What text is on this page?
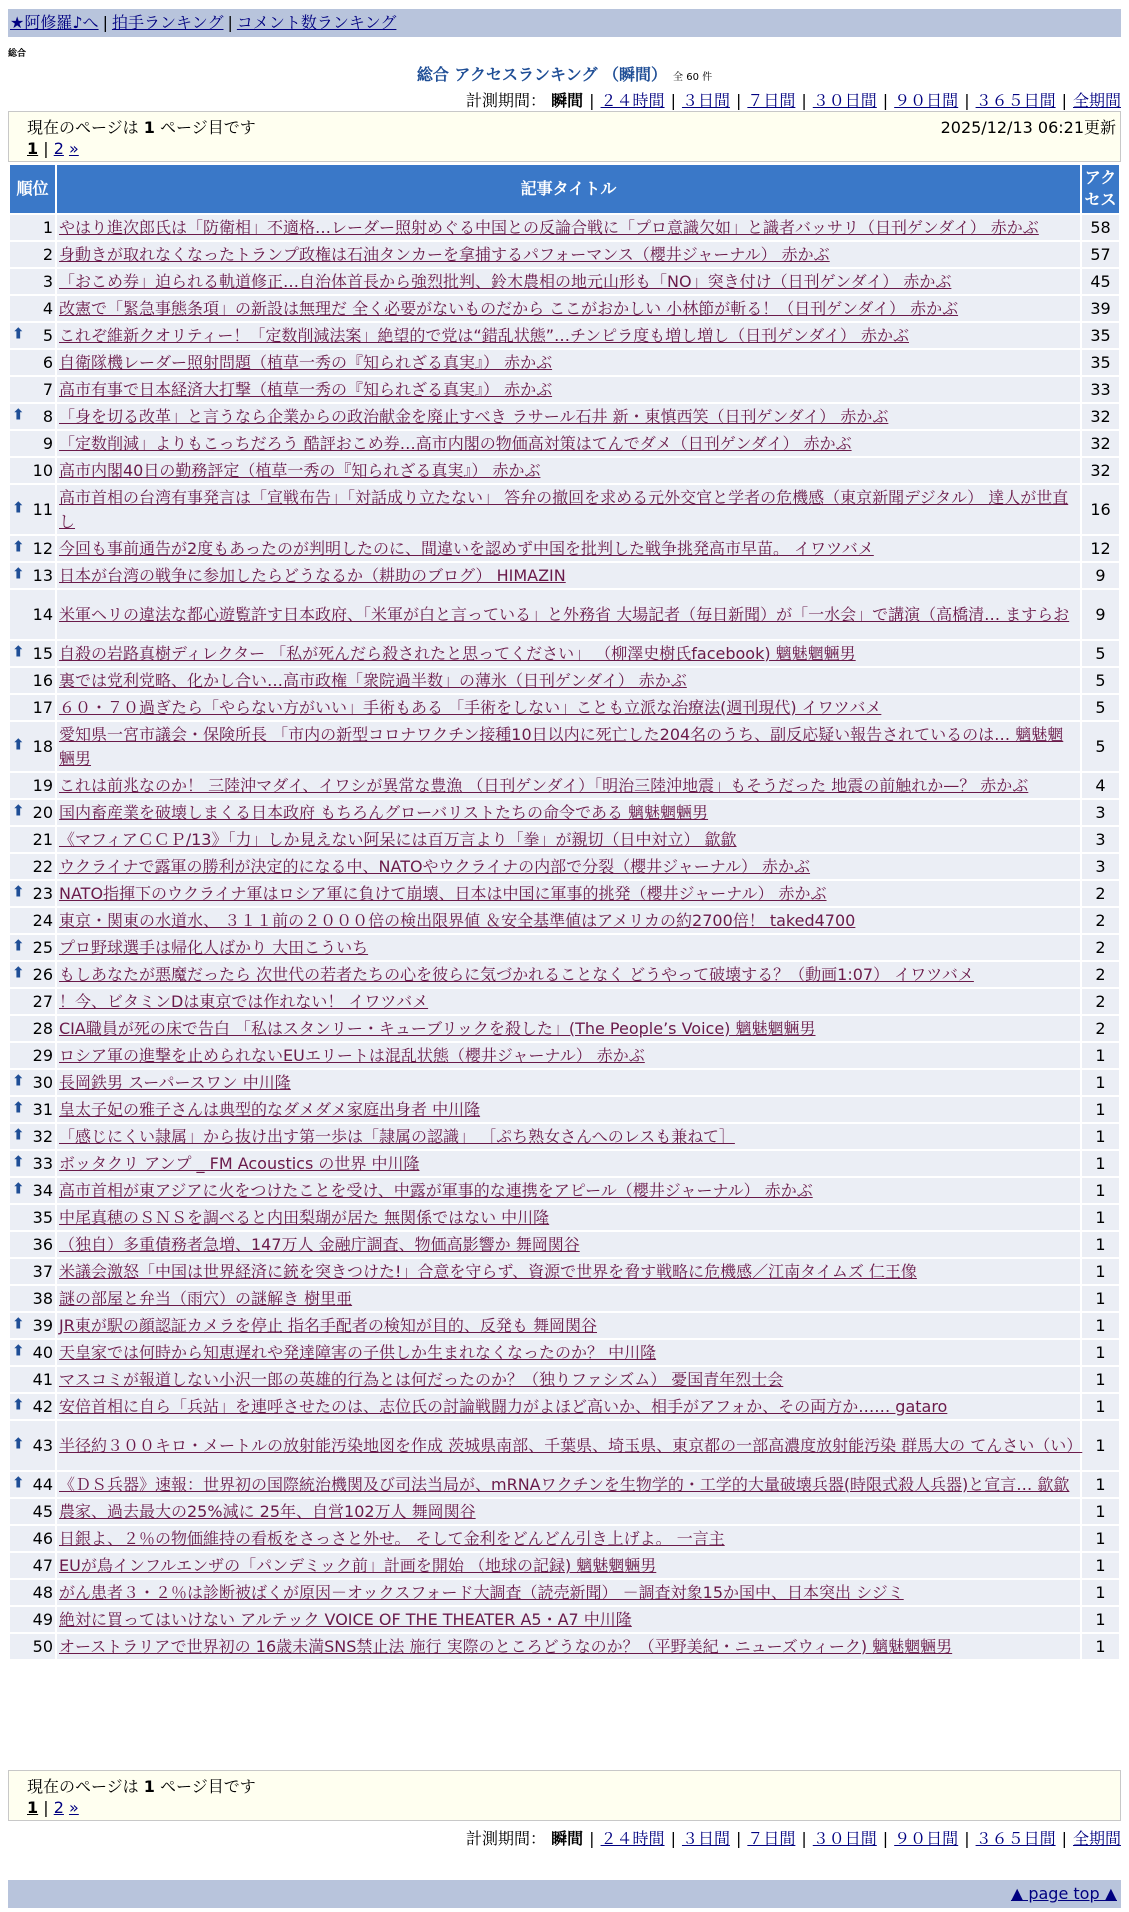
★阿修羅♪へ | 拍手ランキング | コメント数ランキング
総合
総合 アクセスランキング （瞬間） 全 60 件
計測期間： 瞬間 | ２４時間 | ３日間 | ７日間 | ３０日間 | ９０日間 | ３６５日間 | 全期間
現在のページは 1 ページ目です	2025/12/13 06:21更新
1 | 2 »
順位	記事タイトル	アクセス
1	やはり進次郎氏は「防衛相」不適格…レーダー照射めぐる中国との反論合戦に「プロ意識欠如」と識者バッサリ（日刊ゲンダイ） 赤かぶ	58
2	身動きが取れなくなったトランプ政権は石油タンカーを拿捕するパフォーマンス（櫻井ジャーナル） 赤かぶ	57
3	「おこめ券」迫られる軌道修正…自治体首長から強烈批判、鈴木農相の地元山形も「NO」突き付け（日刊ゲンダイ） 赤かぶ	45
4	改憲で「緊急事態条項」の新設は無理だ 全く必要がないものだから ここがおかしい 小林節が斬る！（日刊ゲンダイ） 赤かぶ	39

⬆ 5	これぞ維新クオリティー！「定数削減法案」絶望的で党は“錯乱状態”…チンピラ度も増し増し（日刊ゲンダイ） 赤かぶ	35
6	自衛隊機レーダー照射問題（植草一秀の『知られざる真実』） 赤かぶ	35
7	高市有事で日本経済大打撃（植草一秀の『知られざる真実』） 赤かぶ	33

⬆ 8	「身を切る改革」と言うなら企業からの政治献金を廃止すべき ラサール石井 新・東慎西笑（日刊ゲンダイ） 赤かぶ	32
9	「定数削減」よりもこっちだろう 酷評おこめ券…高市内閣の物価高対策はてんでダメ（日刊ゲンダイ） 赤かぶ	32
10	高市内閣40日の勤務評定（植草一秀の『知られざる真実』） 赤かぶ	32

⬆ 11	高市首相の台湾有事発言は「宣戦布告」「対話成り立たない」 答弁の撤回を求める元外交官と学者の危機感（東京新聞デジタル） 達人が世直し	16

⬆ 12	今回も事前通告が2度もあったのが判明したのに、間違いを認めず中国を批判した戦争挑発高市早苗。 イワツバメ	12

⬆ 13	日本が台湾の戦争に参加したらどうなるか（耕助のブログ） HIMAZIN	9
14	米軍ヘリの違法な都心遊覧許す日本政府、「米軍が白と言っている」と外務省 大場記者（毎日新聞）が「一水会」で講演（高橋清… ますらお	9

⬆ 15	自殺の岩路真樹ディレクター 「私が死んだら殺されたと思ってください」 （柳澤史樹氏facebook) 魑魅魍魎男	5
16	裏では党利党略、化かし合い…高市政権「衆院過半数」の薄氷（日刊ゲンダイ） 赤かぶ	5
17	６０・７０過ぎたら「やらない方がいい」手術もある 「手術をしない」ことも立派な治療法(週刊現代) イワツバメ	5

⬆ 18	愛知県一宮市議会・保険所長 「市内の新型コロナワクチン接種10日以内に死亡した204名のうち、副反応疑い報告されているのは… 魑魅魍魎男	5
19	これは前兆なのか！ 三陸沖マダイ、イワシが異常な豊漁 （日刊ゲンダイ）「明治三陸沖地震」もそうだった 地震の前触れか—？ 赤かぶ	4

⬆ 20	国内畜産業を破壊しまくる日本政府 もちろんグローバリストたちの命令である 魑魅魍魎男	3
21	《マフィアＣＣＰ/13》「力」しか見えない阿呆には百万言より「拳」が親切（日中対立） 歙歙	3
22	ウクライナで露軍の勝利が決定的になる中、NATOやウクライナの内部で分裂（櫻井ジャーナル） 赤かぶ	3

⬆ 23	NATO指揮下のウクライナ軍はロシア軍に負けて崩壊、日本は中国に軍事的挑発（櫻井ジャーナル） 赤かぶ	2
24	東京・関東の水道水、 ３１１前の２０００倍の検出限界値 ＆安全基準値はアメリカの約2700倍！ taked4700	2

⬆ 25	プロ野球選手は帰化人ばかり 大田こういち	2

⬆ 26	もしあなたが悪魔だったら 次世代の若者たちの心を彼らに気づかれることなく どうやって破壊する？（動画1:07） イワツバメ	2
27	！今、ビタミンDは東京では作れない！ イワツバメ	2
28	CIA職員が死の床で告白 「私はスタンリー・キューブリックを殺した」(The People’s Voice) 魑魅魍魎男	2
29	ロシア軍の進撃を止められないEUエリートは混乱状態（櫻井ジャーナル） 赤かぶ	1

⬆ 30	長岡鉄男 スーパースワン 中川隆	1

⬆ 31	皇太子妃の雅子さんは典型的なダメダメ家庭出身者 中川隆	1

⬆ 32	「感じにくい隷属」から抜け出す第一歩は「隷属の認識」 ［ぷち熟女さんへのレスも兼ねて］	1

⬆ 33	ボッタクリ アンプ _ FM Acoustics の世界 中川隆	1

⬆ 34	高市首相が東アジアに火をつけたことを受け、中露が軍事的な連携をアピール（櫻井ジャーナル） 赤かぶ	1
35	中尾真穂のＳＮＳを調べると内田梨瑚が居た 無関係ではない 中川隆	1
36	（独自）多重債務者急増、147万人 金融庁調査、物価高影響か 舞岡関谷	1
37	米議会激怒「中国は世界経済に銃を突きつけた!」合意を守らず、資源で世界を脅す戦略に危機感／江南タイムズ 仁王像	1
38	謎の部屋と弁当（雨穴）の謎解き 樹里亜	1

⬆ 39	JR東が駅の顔認証カメラを停止 指名手配者の検知が目的、反発も 舞岡関谷	1

⬆ 40	天皇家では何時から知恵遅れや発達障害の子供しか生まれなくなったのか？ 中川隆	1
41	マスコミが報道しない小沢一郎の英雄的行為とは何だったのか？（独りファシズム） 憂国青年烈士会	1

⬆ 42	安倍首相に自ら「兵站」を連呼させたのは、志位氏の討論戦闘力がよほど高いか、相手がアフォか、その両方か…… gataro	1

⬆ 43	半径約３００キロ・メートルの放射能汚染地図を作成 茨城県南部、千葉県、埼玉県、東京都の一部高濃度放射能汚染 群馬大の てんさい（い）	1

⬆ 44	《ＤＳ兵器》速報：世界初の国際統治機関及び司法当局が、mRNAワクチンを生物学的・工学的大量破壊兵器(時限式殺人兵器)と宣言… 歙歙	1
45	農家、過去最大の25%減に 25年、自営102万人 舞岡関谷	1
46	日銀よ、２％の物価維持の看板をさっさと外せ。 そして金利をどんどん引き上げよ。 一言主	1
47	EUが鳥インフルエンザの「パンデミック前」計画を開始 （地球の記録) 魑魅魍魎男	1
48	がん患者３・２％は診断被ばくが原因－オックスフォード大調査（読売新聞） －調査対象15か国中、日本突出 シジミ	1
49	絶対に買ってはいけない アルテック VOICE OF THE THEATER A5・A7 中川隆	1
50	オーストラリアで世界初の 16歳未満SNS禁止法 施行 実際のところどうなのか？（平野美紀・ニューズウィーク) 魑魅魍魎男	1
現在のページは 1 ページ目です
1 | 2 »
計測期間： 瞬間 | ２４時間 | ３日間 | ７日間 | ３０日間 | ９０日間 | ３６５日間 | 全期間
▲ page top ▲
